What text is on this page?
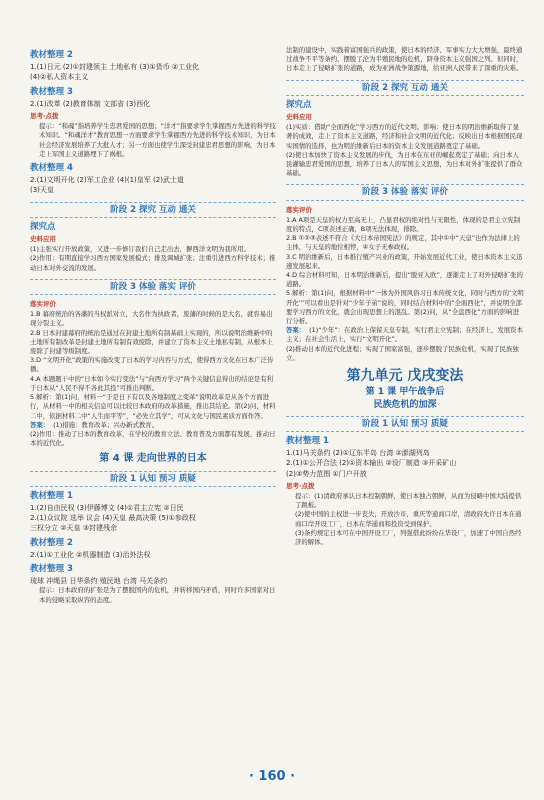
教材整理 2

1.(1)日元 (2)①封建领主 土地私有 (3)①货币 ②工业化

(4)②私人资本主义

教材整理 3

2.(1)改革 (2)教育体制 文部省 (3)西化

思考·点拨

提示：“和魂”指培养学生忠君爱国的思想；“洋才”指要求学生掌握西方先进的科学技术知识。“和魂洋才”教育思想一方面要求学生掌握西方先进的科学技术知识，为日本社会经济发展培养了大批人才；另一方面也使学生深受封建忠君思想的影响，为日本走上军国主义道路埋下了祸根。

教材整理 4

2.(1)文明开化 (2)军工企业 (4)(1)皇军 (2)武士道

(3)天皇

阶段 2 探究 互动 通关

探究点

史料应用

(1)主张实行开放政策，又进一步修订我们自己走出去，摒西洋文明为我所用。

(2)作用：有期直接学习西方国家发展模式；排及调城扩张；注重引进西方科学技术；推动日本对外交流的发展。

阶段 3 体验 落实 评价

落实评价

1.B 幕府统治的各藩的当权派对立，大名作为执政者，废藩的时候的是大名，就容易出现分裂主义。

2.B 日本封建幕府的统治是通过在封建土地所有制基础上实现的，所以说明治维新中的土地所有制改革是封建土地所有制有效废除，并建立了资本主义土地私有制，从根本上废除了封建等级制度。

3.D “文明开化”政策的实施改变了日本的学习内容与方式，使得西方文化在日本广泛传播。

4.A 本题题干中的“日本如今实行变法”与“向西方学习”两个关键信息得出的结论是有利于日本从“人民不得不各此其投”可推出判断。

5.解析：第(1)问，材料一“于是日下有以及各地制度之变革”说明改革是从各个方面进行，从材料一中的相关信息可以比较日本政府的改革措施，推出其结论。第(2)问，材料二中，依据材料二中“人生而平等”，“必先立其学”，可从文化与国民素质方面作答。

答案： (1)措施：教育改革；兴办新式教育。

(2)作用：推动了日本的教育改革，在学校的教育立法、教育普及方面都有发展，推动日本的近代化。

第 4 课 走向世界的日本

阶段 1 认知 预习 质疑

教材整理 1

1.(2)自由民权 (3)伊藤博文 (4)①君主立宪 ②日民

2.(1)众议院 选举 议会 (4)天皇 最高决策 (5)①参政权

三权分立 ②天皇 ③封建残余

教材整理 2

2.(1)①工业化 ②机器制造 (3)治外法权

教材整理 3

琉球 冲绳县 日华条约 殖民地 台湾 马关条约

提示：日本政府的扩张是为了摆脱国内的危机，并转移国内矛盾，同时许多国家对日本的侵略采取纵容的态度。

法制的建设中，实践着富国强兵的政策，使日本的经济、军事实力大大增强，最终通过战争不平等条约，摆脱了沦为半殖民地的危机，跻身资本主义强国之列。但同时，日本走上了侵略扩张的道路，成为亚洲战争策源地，给亚洲人民带来了深重的灾难。

阶段 2 探究 互动 通关

探究点

史料应用

(1)实质：借助“全面西化”学习西方的近代文明。影响：使日本的明治维新取得了显著的成效，走上了资本主义道路，经济和社会文明的近代化；反映出日本根据国民现实国情的选择，也为明治维新后日本的资本主义发展道路奠定了基础。

(2)使日本加快了资本主义发展的步伐，为日本在东亚的崛起奠定了基础；向日本人民灌输忠君爱国的思想，培养了日本人的军国主义思想，为日本对外扩张提供了群众基础。

阶段 3 体验 落实 评价

落实评价

1.A A项是天皇的权力至高无上，凸显君权的绝对性与无限性，体现的是君主立宪制度的特点，C项表述正确，B项无法体现，排除。

2.B ①②③表述不符合《大日本帝国宪法》的规定，其中①中“天皇”也作为法律上的主体，与天皇的地位相悖，④女子无参政权。

3.C 明治维新后，日本推行殖产兴业的政策，开始发展近代工业，使日本资本主义迅速发展起来。

4.D 综合材料可知，日本明治维新后，提出“脱亚入欧”，逐渐走上了对外侵略扩张的道路。

5.解析：第(1)问，根据材料中“一体为外国风俗习日本传统文化，同时与西方的‘文明开化’”可以看出是针对“少年子弟”说的，同时结合材料中的“全面西化”，并说明全部要学习西方的文化，就会出现思想上的混乱。第(2)问，从“全盘西化”方面的影响进行分析。

答案： (1)“少年”：在政治上保留天皇专制，实行君主立宪制；在经济上，发展资本主义；在社会生活上，实行“文明开化”。

(2)推动日本的近代化进程；实现了国家富强，逐步摆脱了民族危机，实现了民族独立。

第九单元 戊戌变法

第 1 课 甲午战争后

民族危机的加深

阶段 1 认知 预习 质疑

教材整理 1

1.(1)马关条约 (2)①辽东半岛 台湾 ②澎湖列岛

2.(1)①公开合法 (2)①资本输出 ②设厂制造 ③开采矿山

(2)③势力范围 ①门户开放

思考·点拨

提示：(1)清政府承认日本控制朝鲜，使日本独占朝鲜，从而为侵略中国大陆提供了跳板。

(2)使中国的主权进一步丧失，开放沙市、重庆等通商口岸，清政府允许日本在通商口岸开设工厂，日本在华通商和投资受到保护。

(3)条约规定日本可在中国开设工厂，列强借此纷纷在华设厂，加速了中国自然经济的解体。

· 160 ·
